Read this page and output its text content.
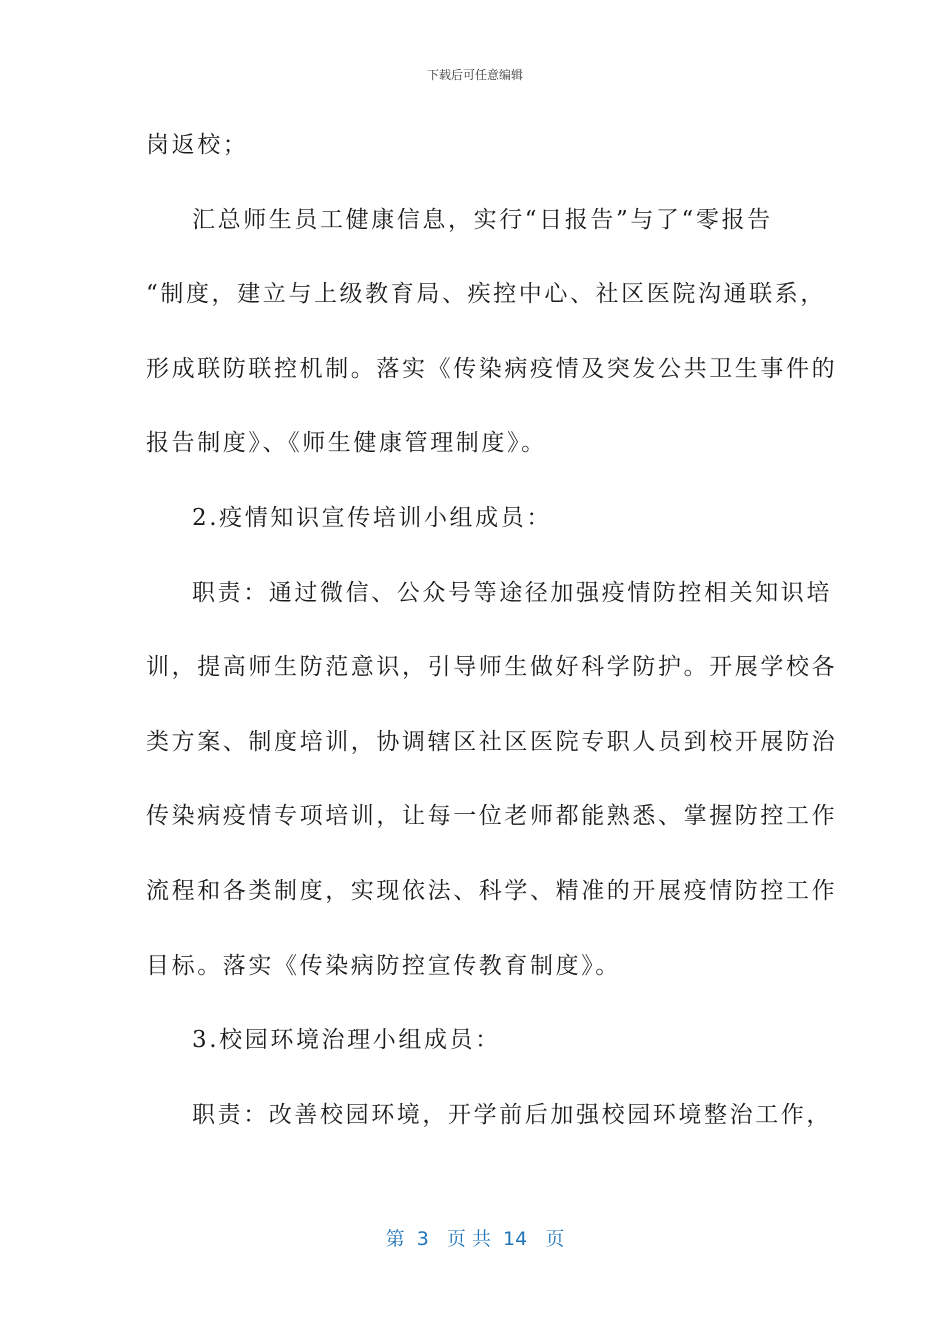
下载后可任意编辑
岗返校；
汇总师生员工健康信息，实行“日报告”与了“零报告
“制度，建立与上级教育局、疾控中心、社区医院沟通联系，
形成联防联控机制。落实《传染病疫情及突发公共卫生事件的
报告制度》、《师生健康管理制度》。
2.疫情知识宣传培训小组成员：
职责：通过微信、公众号等途径加强疫情防控相关知识培
训，提高师生防范意识，引导师生做好科学防护。开展学校各
类方案、制度培训，协调辖区社区医院专职人员到校开展防治
传染病疫情专项培训，让每一位老师都能熟悉、掌握防控工作
流程和各类制度，实现依法、科学、精准的开展疫情防控工作
目标。落实《传染病防控宣传教育制度》。
3.校园环境治理小组成员：
职责：改善校园环境，开学前后加强校园环境整治工作，
第  3   页 共  14   页
